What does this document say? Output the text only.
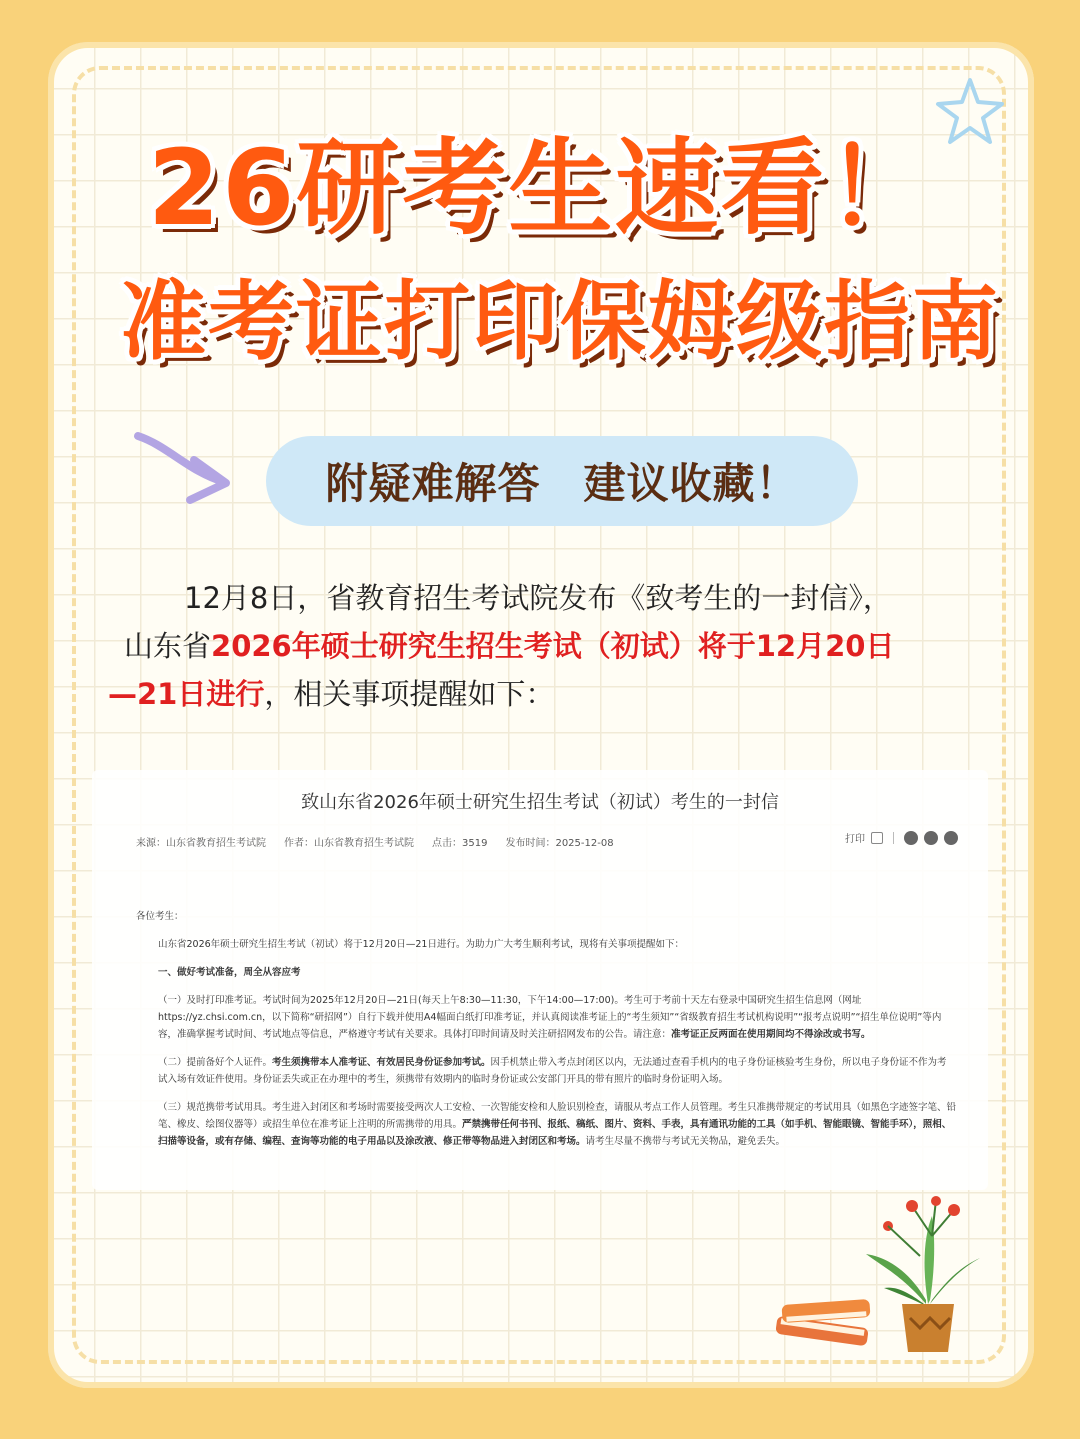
26研考生速看！
准考证打印保姆级指南
附疑难解答　建议收藏！
12月8日，省教育招生考试院发布《致考生的一封信》，
山东省2026年硕士研究生招生考试（初试）将于12月20日
—21日进行，相关事项提醒如下：
致山东省2026年硕士研究生招生考试（初试）考生的一封信
来源：山东省教育招生考试院 作者：山东省教育招生考试院 点击：3519 发布时间：2025-12-08	打印

各位考生：

山东省2026年硕士研究生招生考试（初试）将于12月20日—21日进行。为助力广大考生顺利考试，现将有关事项提醒如下：

一、做好考试准备，周全从容应考

（一）及时打印准考证。考试时间为2025年12月20日—21日(每天上午8:30—11:30，下午14:00—17:00)。考生可于考前十天左右登录中国研究生招生信息网（网址https://yz.chsi.com.cn，以下简称“研招网”）自行下载并使用A4幅面白纸打印准考证，并认真阅读准考证上的“考生须知”“省级教育招生考试机构说明”“报考点说明”“招生单位说明”等内容，准确掌握考试时间、考试地点等信息，严格遵守考试有关要求。具体打印时间请及时关注研招网发布的公告。请注意：准考证正反两面在使用期间均不得涂改或书写。

（二）提前备好个人证件。考生须携带本人准考证、有效居民身份证参加考试。因手机禁止带入考点封闭区以内，无法通过查看手机内的电子身份证核验考生身份，所以电子身份证不作为考试入场有效证件使用。身份证丢失或正在办理中的考生，须携带有效期内的临时身份证或公安部门开具的带有照片的临时身份证明入场。

（三）规范携带考试用具。考生进入封闭区和考场时需要接受两次人工安检、一次智能安检和人脸识别检查，请服从考点工作人员管理。考生只准携带规定的考试用具（如黑色字迹签字笔、铅笔、橡皮、绘图仪器等）或招生单位在准考证上注明的所需携带的用具。严禁携带任何书刊、报纸、稿纸、图片、资料、手表，具有通讯功能的工具（如手机、智能眼镜、智能手环），照相、扫描等设备，或有存储、编程、查询等功能的电子用品以及涂改液、修正带等物品进入封闭区和考场。请考生尽量不携带与考试无关物品，避免丢失。
